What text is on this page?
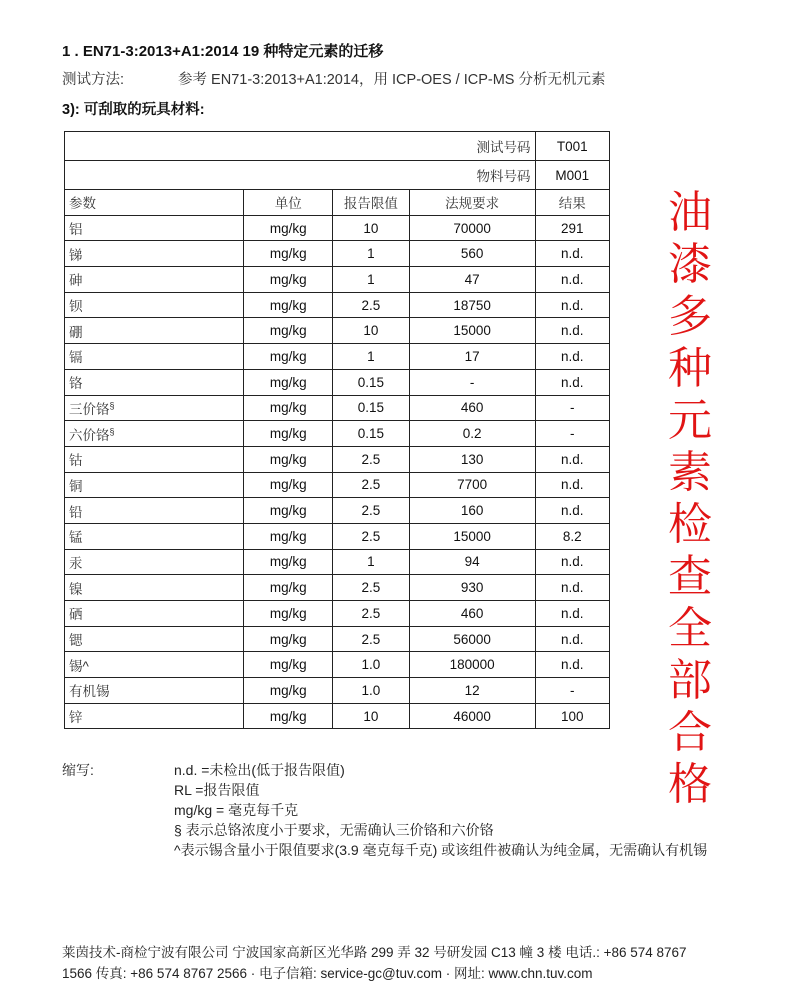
1 . EN71-3:2013+A1:2014 19 种特定元素的迁移
测试方法:	参考 EN71-3:2013+A1:2014，用 ICP-OES / ICP-MS 分析无机元素
3): 可刮取的玩具材料:
测试号码				T001
物料号码				M001
参数	单位	报告限值	法规要求	结果
铝	mg/kg	10	70000	291
锑	mg/kg	1	560	n.d.
砷	mg/kg	1	47	n.d.
钡	mg/kg	2.5	18750	n.d.
硼	mg/kg	10	15000	n.d.
镉	mg/kg	1	17	n.d.
铬	mg/kg	0.15	-	n.d.
三价铬§	mg/kg	0.15	460	-
六价铬§	mg/kg	0.15	0.2	-
钴	mg/kg	2.5	130	n.d.
铜	mg/kg	2.5	7700	n.d.
铅	mg/kg	2.5	160	n.d.
锰	mg/kg	2.5	15000	8.2
汞	mg/kg	1	94	n.d.
镍	mg/kg	2.5	930	n.d.
硒	mg/kg	2.5	460	n.d.
锶	mg/kg	2.5	56000	n.d.
锡^	mg/kg	1.0	180000	n.d.
有机锡	mg/kg	1.0	12	-
锌	mg/kg	10	46000	100
油漆多种元素检查全部合格
缩写:	n.d. =未检出(低于报告限值)
RL =报告限值
mg/kg = 毫克每千克
§ 表示总铬浓度小于要求，无需确认三价铬和六价铬
^表示锡含量小于限值要求(3.9 毫克每千克) 或该组件被确认为纯金属，无需确认有机锡
莱茵技术-商检宁波有限公司 宁波国家高新区光华路 299 弄 32 号研发园 C13 幢 3 楼 电话.: +86 574 8767
1566 传真: +86 574 8767 2566 · 电子信箱: service-gc@tuv.com · 网址: www.chn.tuv.com
